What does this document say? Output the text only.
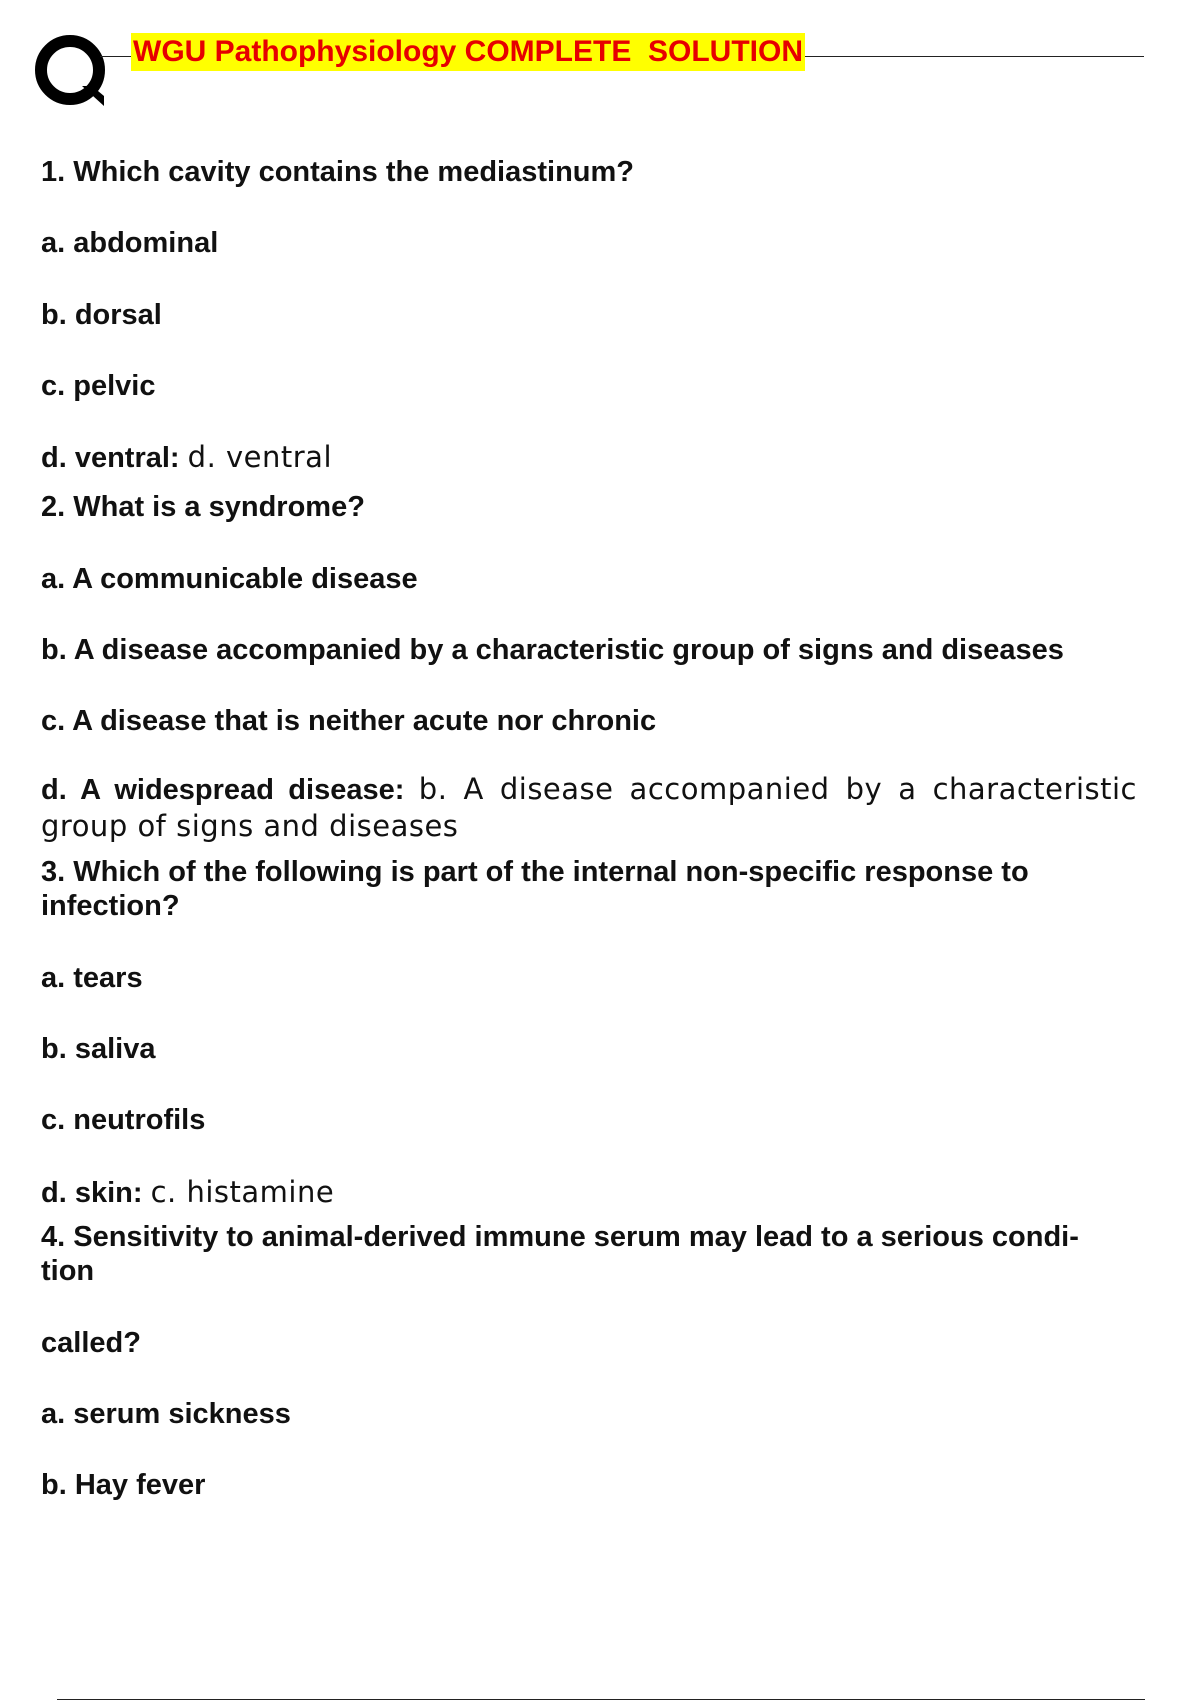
WGU Pathophysiology COMPLETE  SOLUTION

1. Which cavity contains the mediastinum?

a. abdominal

b. dorsal

c. pelvic

d. ventral: d. ventral

2. What is a syndrome?

a. A communicable disease

b. A disease accompanied by a characteristic group of signs and diseases

c. A disease that is neither acute nor chronic

d. A widespread disease: b. A disease accompanied by a characteristic group of signs and diseases

3. Which of the following is part of the internal non-specific response to infection?

a. tears

b. saliva

c. neutrofils

d. skin: c. histamine

4. Sensitivity to animal-derived immune serum may lead to a serious condi- tion

called?

a. serum sickness

b. Hay fever
